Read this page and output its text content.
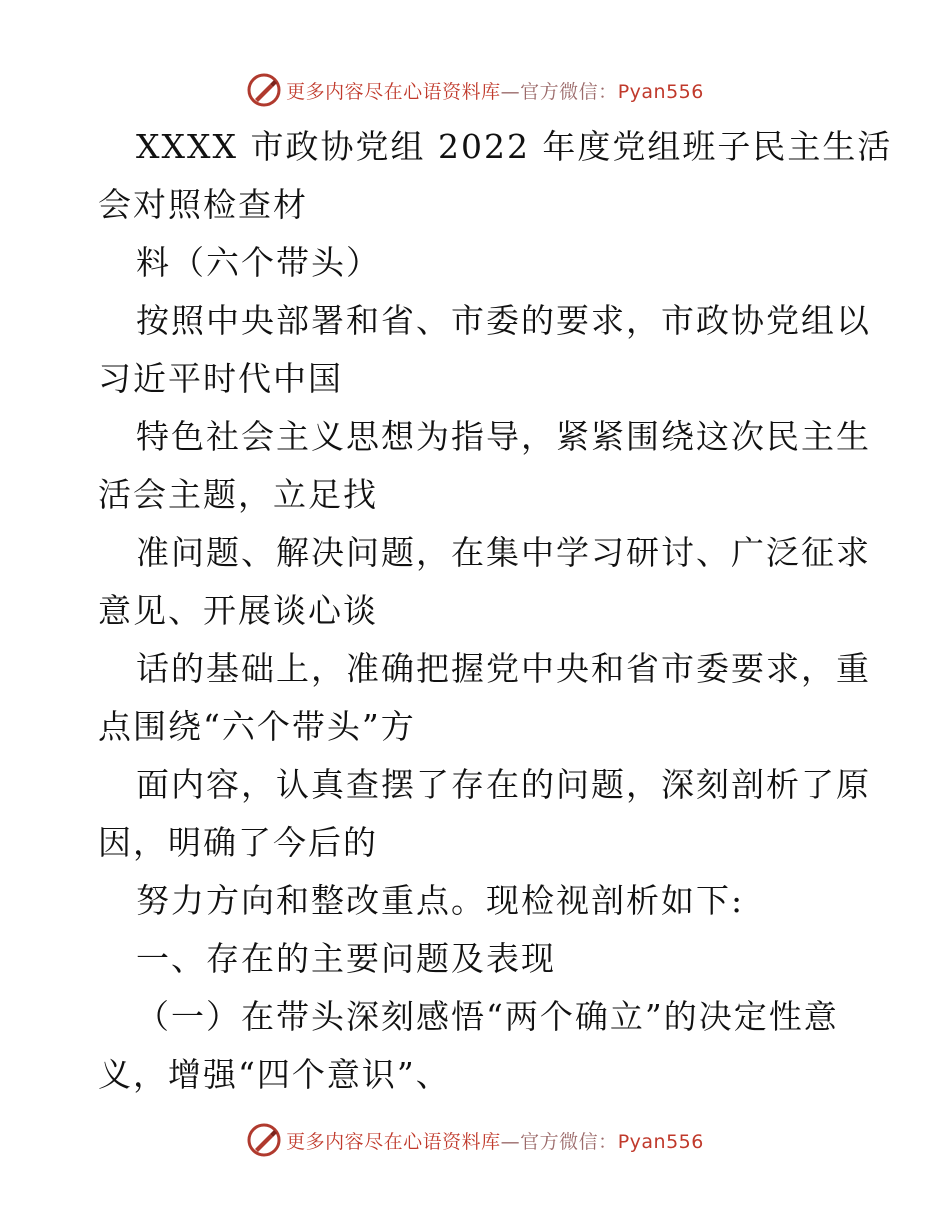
更多内容尽在心语资料库—官方微信：Pyan556
XXXX 市政协党组 2022 年度党组班子民主生活
会对照检查材
料（六个带头）
按照中央部署和省、市委的要求，市政协党组以
习近平时代中国
特色社会主义思想为指导，紧紧围绕这次民主生
活会主题，立足找
准问题、解决问题，在集中学习研讨、广泛征求
意见、开展谈心谈
话的基础上，准确把握党中央和省市委要求，重
点围绕“六个带头”方
面内容，认真查摆了存在的问题，深刻剖析了原
因，明确了今后的
努力方向和整改重点。现检视剖析如下:
一、存在的主要问题及表现
（一）在带头深刻感悟“两个确立”的决定性意
义，增强“四个意识”、
更多内容尽在心语资料库—官方微信：Pyan556
